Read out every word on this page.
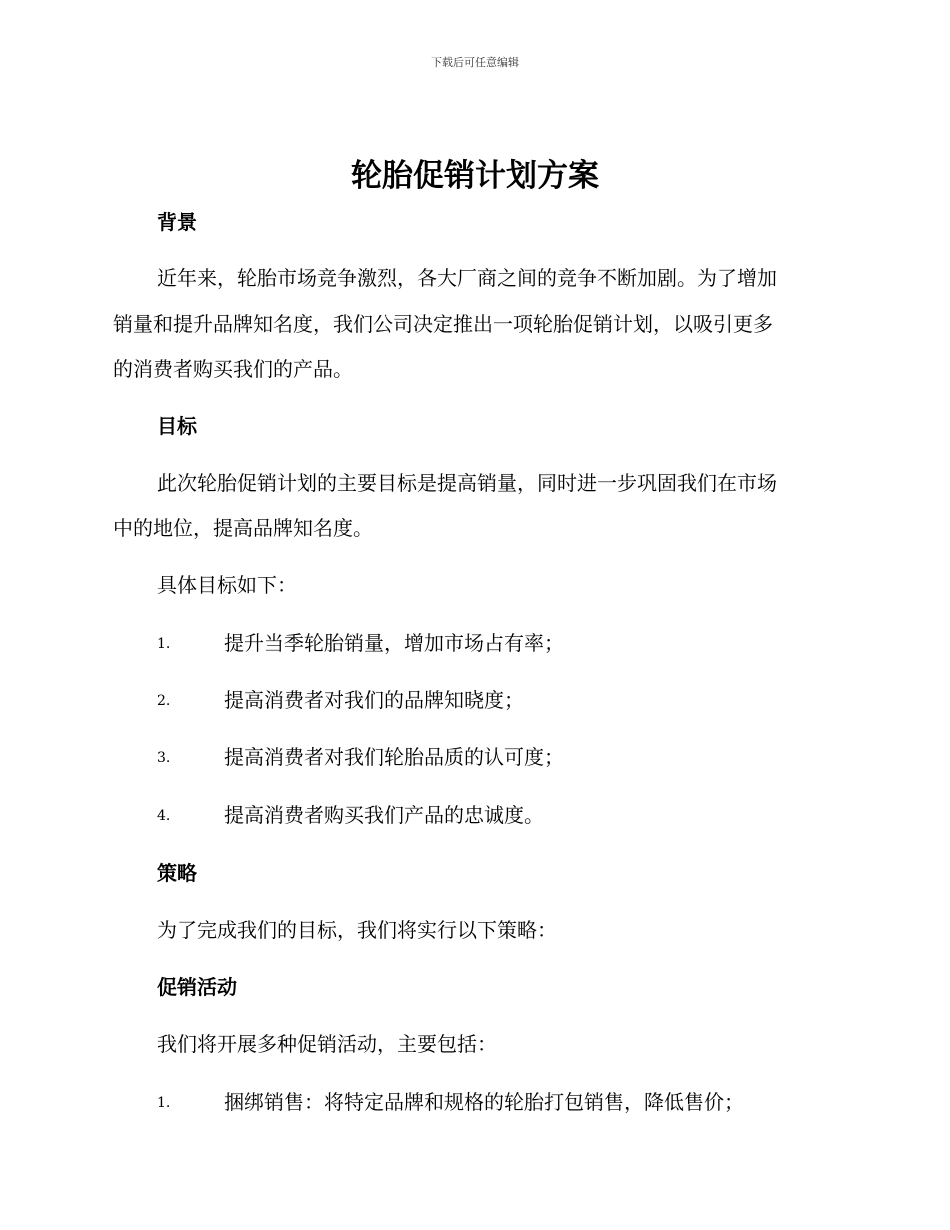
下载后可任意编辑
轮胎促销计划方案
背景
近年来，轮胎市场竞争激烈，各大厂商之间的竞争不断加剧。为了增加
销量和提升品牌知名度，我们公司决定推出一项轮胎促销计划，以吸引更多
的消费者购买我们的产品。
目标
此次轮胎促销计划的主要目标是提高销量，同时进一步巩固我们在市场
中的地位，提高品牌知名度。
具体目标如下：
1.	提升当季轮胎销量，增加市场占有率；
2.	提高消费者对我们的品牌知晓度；
3.	提高消费者对我们轮胎品质的认可度；
4.	提高消费者购买我们产品的忠诚度。
策略
为了完成我们的目标，我们将实行以下策略：
促销活动
我们将开展多种促销活动，主要包括：
1.	捆绑销售：将特定品牌和规格的轮胎打包销售，降低售价；
